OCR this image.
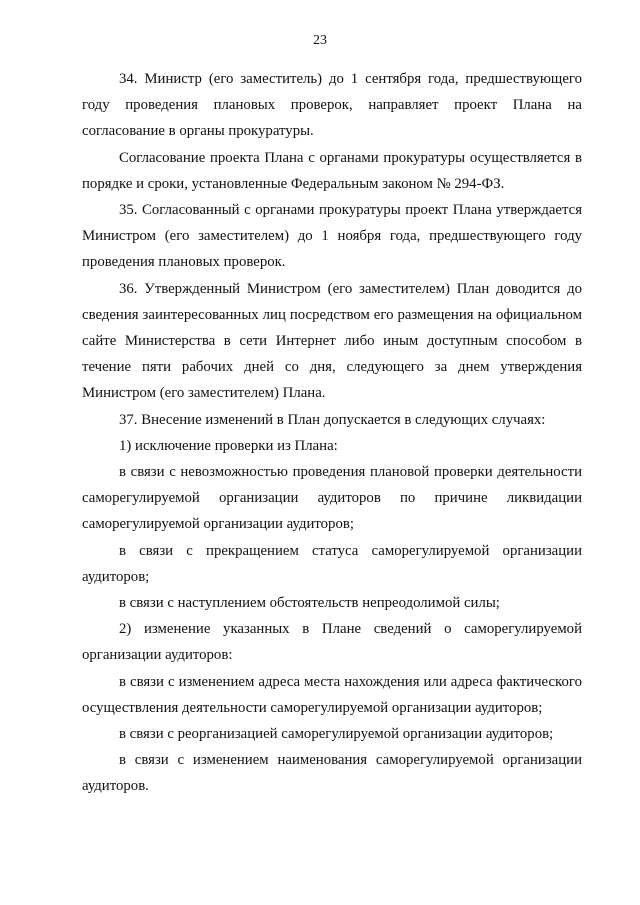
23

34. Министр (его заместитель) до 1 сентября года, предшествующего году проведения плановых проверок, направляет проект Плана на согласование в органы прокуратуры.

Согласование проекта Плана с органами прокуратуры осуществляется в порядке и сроки, установленные Федеральным законом № 294-ФЗ.

35. Согласованный с органами прокуратуры проект Плана утверждается Министром (его заместителем) до 1 ноября года, предшествующего году проведения плановых проверок.

36. Утвержденный Министром (его заместителем) План доводится до сведения заинтересованных лиц посредством его размещения на официальном сайте Министерства в сети Интернет либо иным доступным способом в течение пяти рабочих дней со дня, следующего за днем утверждения Министром (его заместителем) Плана.

37. Внесение изменений в План допускается в следующих случаях:

1) исключение проверки из Плана:

в связи с невозможностью проведения плановой проверки деятельности саморегулируемой организации аудиторов по причине ликвидации саморегулируемой организации аудиторов;

в связи с прекращением статуса саморегулируемой организации аудиторов;

в связи с наступлением обстоятельств непреодолимой силы;

2) изменение указанных в Плане сведений о саморегулируемой организации аудиторов:

в связи с изменением адреса места нахождения или адреса фактического осуществления деятельности саморегулируемой организации аудиторов;

в связи с реорганизацией саморегулируемой организации аудиторов;

в связи с изменением наименования саморегулируемой организации аудиторов.
